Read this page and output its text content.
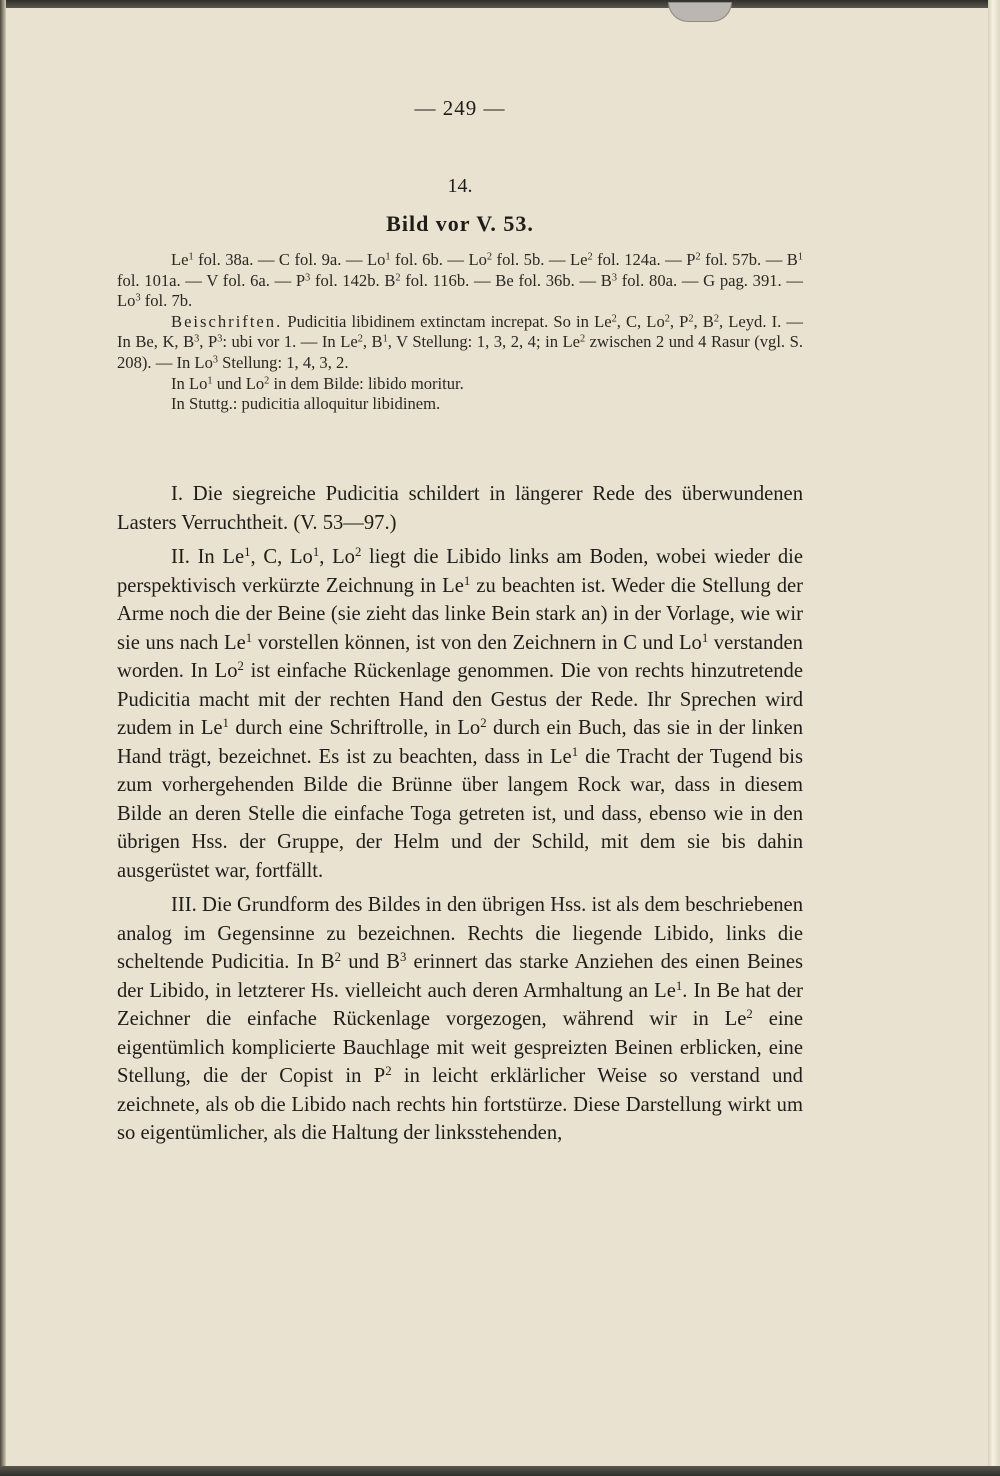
— 249 —
14.
Bild vor V. 53.

Le$^1$ fol. 38a. — C fol. 9a. — Lo$^1$ fol. 6b. — Lo$^2$ fol. 5b. — Le$^2$ fol. 124a. — $P^2$ fol. 57b. — $B^1$ fol. 101a. — V fol. 6a. — $P^3$ fol. 142b. $B^2$ fol. 116b. — Be fol. 36b. — $B^3$ fol. 80a. — G pag. 391. — Lo$^3$ fol. 7b.

Beischriften. Pudicitia libidinem extinctam increpat. So in Le$^2$, C, Lo$^2$, $P^2$, $B^2$, Leyd. I. — In Be, K, $B^3$, $P^3$: ubi vor 1. — In Le$^2$, $B^1$, V Stellung: 1, 3, 2, 4; in Le$^2$ zwischen 2 und 4 Rasur (vgl. S. 208). — In Lo$^3$ Stellung: 1, 4, 3, 2.

In Lo$^1$ und Lo$^2$ in dem Bilde: libido moritur.

In Stuttg.: pudicitia alloquitur libidinem.

I. Die siegreiche Pudicitia schildert in längerer Rede des überwundenen Lasters Verruchtheit. (V. 53—97.)

II. In Le$^1$, C, Lo$^1$, Lo$^2$ liegt die Libido links am Boden, wobei wieder die perspektivisch verkürzte Zeichnung in Le$^1$ zu beachten ist. Weder die Stellung der Arme noch die der Beine (sie zieht das linke Bein stark an) in der Vorlage, wie wir sie uns nach Le$^1$ vorstellen können, ist von den Zeichnern in C und Lo$^1$ verstanden worden. In Lo$^2$ ist einfache Rückenlage genommen. Die von rechts hinzutretende Pudicitia macht mit der rechten Hand den Gestus der Rede. Ihr Sprechen wird zudem in Le$^1$ durch eine Schriftrolle, in Lo$^2$ durch ein Buch, das sie in der linken Hand trägt, bezeichnet. Es ist zu beachten, dass in Le$^1$ die Tracht der Tugend bis zum vorhergehenden Bilde die Brünne über langem Rock war, dass in diesem Bilde an deren Stelle die einfache Toga getreten ist, und dass, ebenso wie in den übrigen Hss. der Gruppe, der Helm und der Schild, mit dem sie bis dahin ausgerüstet war, fortfällt.

III. Die Grundform des Bildes in den übrigen Hss. ist als dem beschriebenen analog im Gegensinne zu bezeichnen. Rechts die liegende Libido, links die scheltende Pudicitia. In $B^2$ und $B^3$ erinnert das starke Anziehen des einen Beines der Libido, in letzterer Hs. vielleicht auch deren Armhaltung an Le$^1$. In Be hat der Zeichner die einfache Rückenlage vorgezogen, während wir in Le$^2$ eine eigentümlich komplicierte Bauchlage mit weit gespreizten Beinen erblicken, eine Stellung, die der Copist in $P^2$ in leicht erklärlicher Weise so verstand und zeichnete, als ob die Libido nach rechts hin fortstürze. Diese Darstellung wirkt um so eigentümlicher, als die Haltung der linksstehenden,
